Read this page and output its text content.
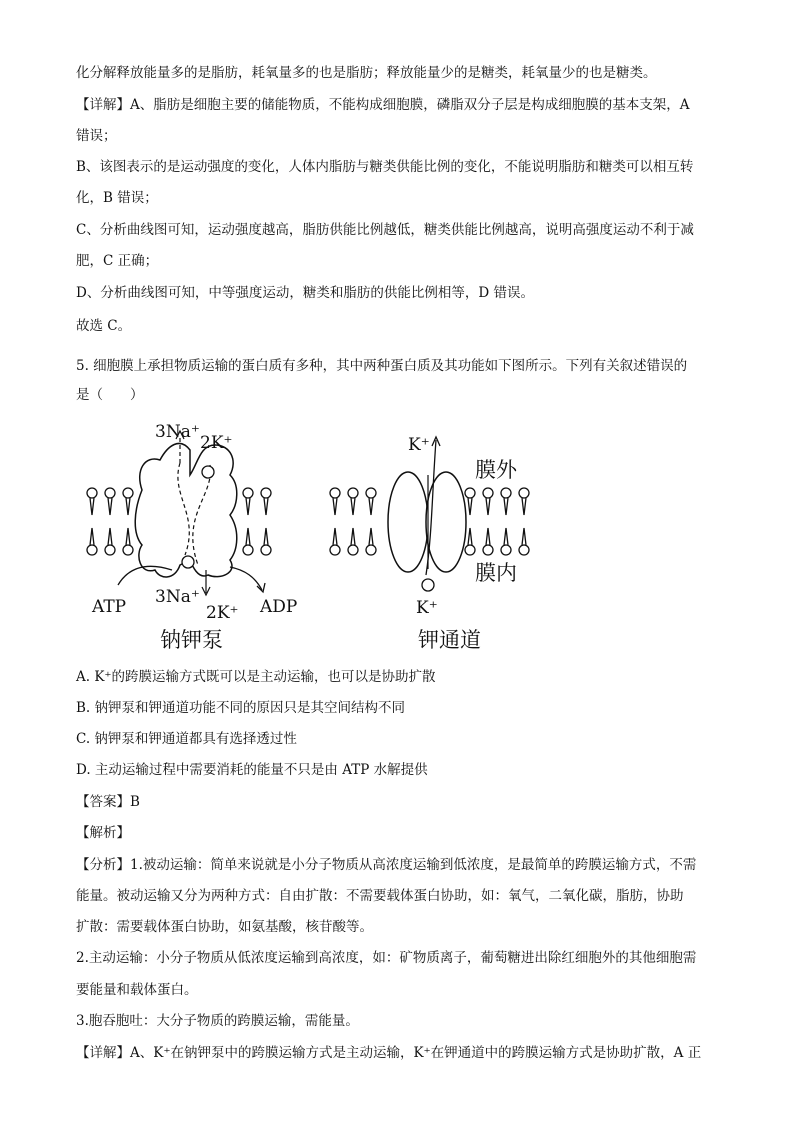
化分解释放能量多的是脂肪，耗氧量多的也是脂肪；释放能量少的是糖类，耗氧量少的也是糖类。
【详解】A、脂肪是细胞主要的储能物质，不能构成细胞膜，磷脂双分子层是构成细胞膜的基本支架，A
错误；
B、该图表示的是运动强度的变化，人体内脂肪与糖类供能比例的变化，不能说明脂肪和糖类可以相互转
化，B 错误；
C、分析曲线图可知，运动强度越高，脂肪供能比例越低，糖类供能比例越高，说明高强度运动不利于减
肥，C 正确；
D、分析曲线图可知，中等强度运动，糖类和脂肪的供能比例相等，D 错误。
故选 C。
5. 细胞膜上承担物质运输的蛋白质有多种，其中两种蛋白质及其功能如下图所示。下列有关叙述错误的
是（　　）
3Na⁺
2K⁺
3Na⁺
2K⁺
ATP	ADP
钠钾泵
K⁺
K⁺
膜外
膜内
钾通道
A. K⁺的跨膜运输方式既可以是主动运输，也可以是协助扩散
B. 钠钾泵和钾通道功能不同的原因只是其空间结构不同
C. 钠钾泵和钾通道都具有选择透过性
D. 主动运输过程中需要消耗的能量不只是由 ATP 水解提供
【答案】B
【解析】
【分析】1.被动运输：简单来说就是小分子物质从高浓度运输到低浓度，是最简单的跨膜运输方式，不需
能量。被动运输又分为两种方式：自由扩散：不需要载体蛋白协助，如：氧气，二氧化碳，脂肪，协助
扩散：需要载体蛋白协助，如氨基酸，核苷酸等。
2.主动运输：小分子物质从低浓度运输到高浓度，如：矿物质离子，葡萄糖进出除红细胞外的其他细胞需
要能量和载体蛋白。
3.胞吞胞吐：大分子物质的跨膜运输，需能量。
【详解】A、K⁺在钠钾泵中的跨膜运输方式是主动运输，K⁺在钾通道中的跨膜运输方式是协助扩散，A 正
